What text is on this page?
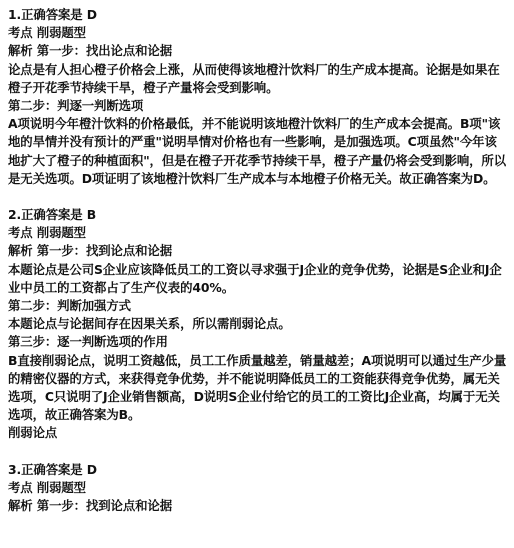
1.正确答案是 D
考点 削弱题型
解析 第一步：找出论点和论据
论点是有人担心橙子价格会上涨，从而使得该地橙汁饮料厂的生产成本提高。论据是如果在橙子开花季节持续干旱，橙子产量将会受到影响。
第二步：判逐一判断选项
A项说明今年橙汁饮料的价格最低，并不能说明该地橙汁饮料厂的生产成本会提高。B项"该地的旱情并没有预计的严重"说明旱情对价格也有一些影响，是加强选项。C项虽然"今年该地扩大了橙子的种植面积"，但是在橙子开花季节持续干旱，橙子产量仍将会受到影响，所以是无关选项。D项证明了该地橙汁饮料厂生产成本与本地橙子价格无关。故正确答案为D。
2.正确答案是 B
考点 削弱题型
解析 第一步：找到论点和论据
本题论点是公司S企业应该降低员工的工资以寻求强于J企业的竞争优势，论据是S企业和J企业中员工的工资都占了生产仪表的40%。
第二步：判断加强方式
本题论点与论据间存在因果关系，所以需削弱论点。
第三步：逐一判断选项的作用
B直接削弱论点，说明工资越低，员工工作质量越差，销量越差；A项说明可以通过生产少量的精密仪器的方式，来获得竞争优势，并不能说明降低员工的工资能获得竞争优势，属无关选项，C只说明了J企业销售额高，D说明S企业付给它的员工的工资比J企业高，均属于无关选项，故正确答案为B。
削弱论点
3.正确答案是 D
考点 削弱题型
解析 第一步：找到论点和论据
